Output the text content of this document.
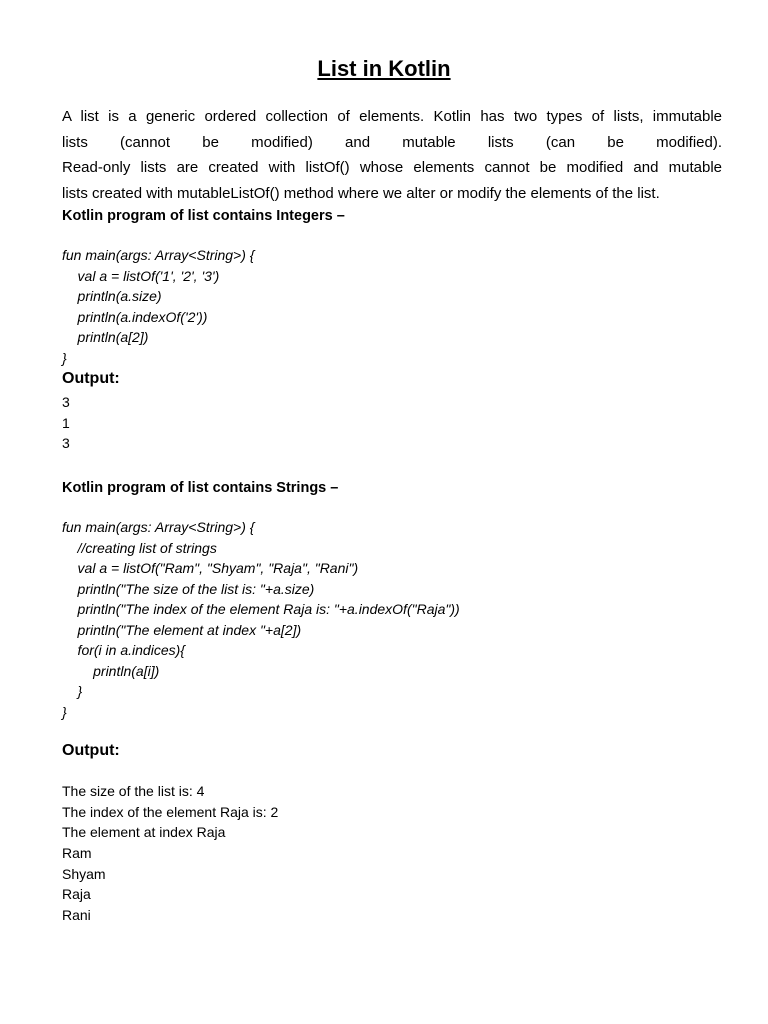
List in Kotlin
A list is a generic ordered collection of elements. Kotlin has two types of lists, immutable
lists (cannot be modified) and mutable lists (can be modified).
Read-only lists are created with listOf() whose elements cannot be modified and mutable
lists created with mutableListOf() method where we alter or modify the elements of the list.
Kotlin program of list contains Integers –
fun main(args: Array<String>) {
val a = listOf('1', '2', '3')
println(a.size)
println(a.indexOf('2'))
println(a[2])
}
Output:
3
1
3
Kotlin program of list contains Strings –
fun main(args: Array<String>) {
//creating list of strings
val a = listOf("Ram", "Shyam", "Raja", "Rani")
println("The size of the list is: "+a.size)
println("The index of the element Raja is: "+a.indexOf("Raja"))
println("The element at index "+a[2])
for(i in a.indices){
println(a[i])
}
}
Output:
The size of the list is: 4
The index of the element Raja is: 2
The element at index Raja
Ram
Shyam
Raja
Rani
